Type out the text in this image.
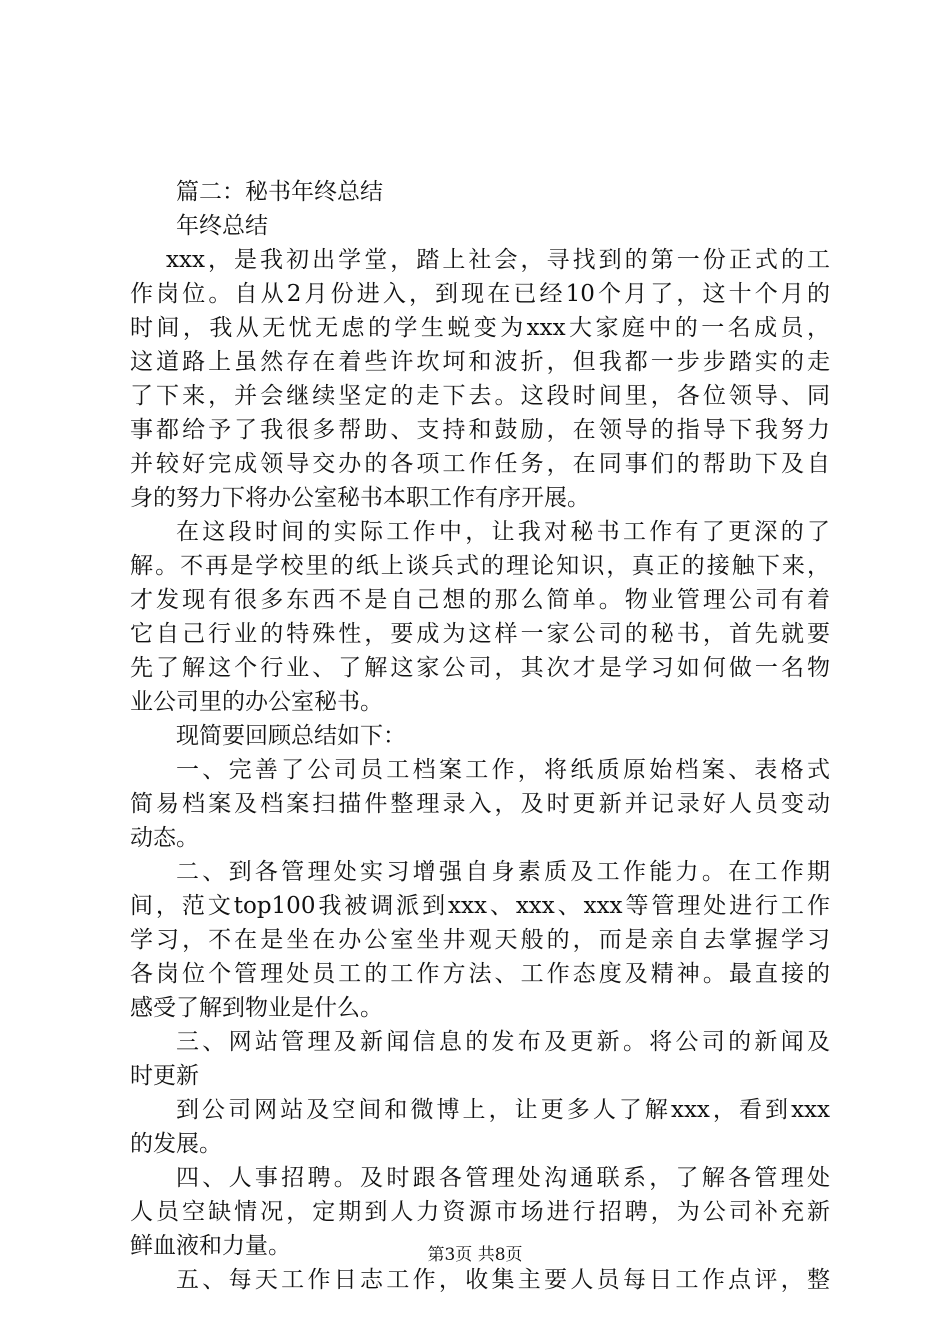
篇二：秘书年终总结
年终总结
xxx，是我初出学堂，踏上社会，寻找到的第一份正式的工
作岗位。自从2月份进入，到现在已经10个月了，这十个月的
时间，我从无忧无虑的学生蜕变为xxx大家庭中的一名成员，
这道路上虽然存在着些许坎坷和波折，但我都一步步踏实的走
了下来，并会继续坚定的走下去。这段时间里，各位领导、同
事都给予了我很多帮助、支持和鼓励，在领导的指导下我努力
并较好完成领导交办的各项工作任务，在同事们的帮助下及自
身的努力下将办公室秘书本职工作有序开展。
在这段时间的实际工作中，让我对秘书工作有了更深的了
解。不再是学校里的纸上谈兵式的理论知识，真正的接触下来，
才发现有很多东西不是自己想的那么简单。物业管理公司有着
它自己行业的特殊性，要成为这样一家公司的秘书，首先就要
先了解这个行业、了解这家公司，其次才是学习如何做一名物
业公司里的办公室秘书。
现简要回顾总结如下：
一、完善了公司员工档案工作，将纸质原始档案、表格式
简易档案及档案扫描件整理录入，及时更新并记录好人员变动
动态。
二、到各管理处实习增强自身素质及工作能力。在工作期
间，范文top100我被调派到xxx、xxx、xxx等管理处进行工作
学习，不在是坐在办公室坐井观天般的，而是亲自去掌握学习
各岗位个管理处员工的工作方法、工作态度及精神。最直接的
感受了解到物业是什么。
三、网站管理及新闻信息的发布及更新。将公司的新闻及
时更新
到公司网站及空间和微博上，让更多人了解xxx，看到xxx
的发展。
四、人事招聘。及时跟各管理处沟通联系，了解各管理处
人员空缺情况，定期到人力资源市场进行招聘，为公司补充新
鲜血液和力量。
五、每天工作日志工作，收集主要人员每日工作点评，整
第3页 共8页
